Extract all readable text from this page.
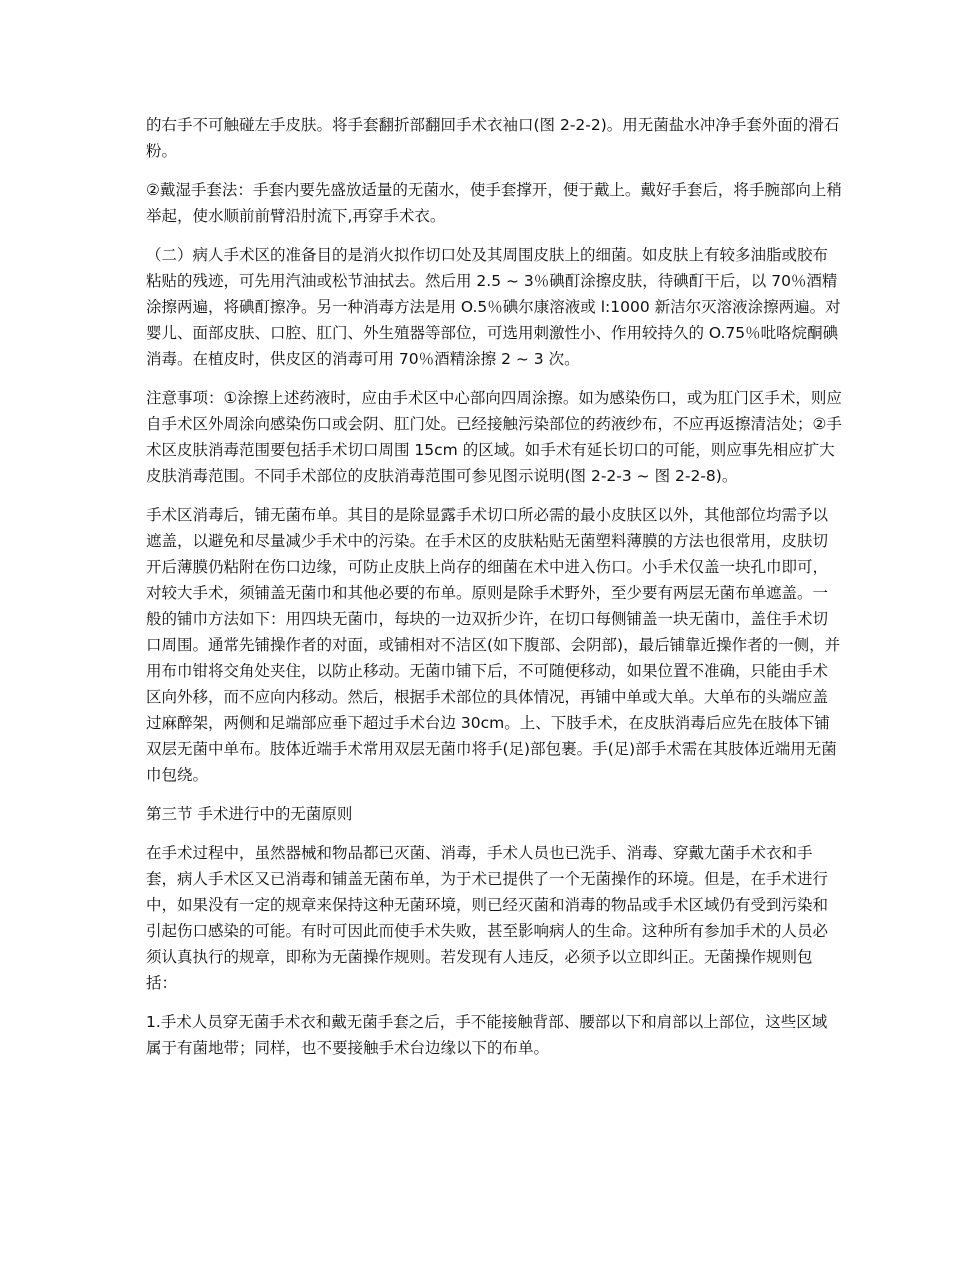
的右手不可触碰左手皮肤。将手套翻折部翻回手术衣袖口(图 2-2-2)。用无菌盐水冲净手套外面的滑石粉。

②戴湿手套法：手套内要先盛放适量的无菌水，使手套撑开，便于戴上。戴好手套后，将手腕部向上稍举起，使水顺前前臂沿肘流下,再穿手术衣。

（二）病人手术区的准备目的是消火拟作切口处及其周围皮肤上的细菌。如皮肤上有较多油脂或胶布粘贴的残迹，可先用汽油或松节油拭去。然后用 2.5 ~ 3％碘酊涂擦皮肤，待碘酊干后，以 70％酒精涂擦两遍，将碘酊擦净。另一种消毒方法是用 O.5％碘尔康溶液或 l:1000 新洁尔灭溶液涂擦两遍。对婴儿、面部皮肤、口腔、肛门、外生殖器等部位，可选用刺激性小、作用较持久的 O.75％吡咯烷酮碘消毒。在植皮时，供皮区的消毒可用 70％酒精涂擦 2 ~ 3 次。

注意事项：①涂擦上述药液时，应由手术区中心部向四周涂擦。如为感染伤口，或为肛门区手术，则应自手术区外周涂向感染伤口或会阴、肛门处。已经接触污染部位的药液纱布，不应再返擦清洁处；②手术区皮肤消毒范围要包括手术切口周围 15cm 的区域。如手术有延长切口的可能，则应事先相应扩大皮肤消毒范围。不同手术部位的皮肤消毒范围可参见图示说明(图 2-2-3 ~ 图 2-2-8)。

手术区消毒后，铺无菌布单。其目的是除显露手术切口所必需的最小皮肤区以外，其他部位均需予以遮盖，以避免和尽量减少手术中的污染。在手术区的皮肤粘贴无菌塑料薄膜的方法也很常用，皮肤切开后薄膜仍粘附在伤口边缘，可防止皮肤上尚存的细菌在术中进入伤口。小手术仅盖一块孔巾即可，对较大手术，须铺盖无菌巾和其他必要的布单。原则是除手术野外，至少要有两层无菌布单遮盖。一般的铺巾方法如下：用四块无菌巾，每块的一边双折少许，在切口每侧铺盖一块无菌巾，盖住手术切口周围。通常先铺操作者的对面，或铺相对不洁区(如下腹部、会阴部)，最后铺靠近操作者的一侧，并用布巾钳将交角处夹住，以防止移动。无菌巾铺下后，不可随便移动，如果位置不准确，只能由手术区向外移，而不应向内移动。然后，根据手术部位的具体情况，再铺中单或大单。大单布的头端应盖过麻醉架，两侧和足端部应垂下超过手术台边 30cm。上、下肢手术，在皮肤消毒后应先在肢体下铺双层无菌中单布。肢体近端手术常用双层无菌巾将手(足)部包裹。手(足)部手术需在其肢体近端用无菌巾包绕。

第三节 手术进行中的无菌原则

在手术过程中，虽然器械和物品都已灭菌、消毒，手术人员也已洗手、消毒、穿戴尢菌手术衣和手套，病人手术区又已消毒和铺盖无菌布单，为于术已提供了一个无菌操作的环境。但是，在手术进行中，如果没有一定的规章来保持这种无菌环境，则已经灭菌和消毒的物品或手术区域仍有受到污染和引起伤口感染的可能。有时可因此而使手术失败，甚至影响病人的生命。这种所有参加手术的人员必须认真执行的规章，即称为无菌操作规则。若发现有人违反，必须予以立即纠正。无菌操作规则包括：

1.手术人员穿无菌手术衣和戴无菌手套之后，手不能接触背部、腰部以下和肩部以上部位，这些区域属于有菌地带；同样，也不要接触手术台边缘以下的布单。
